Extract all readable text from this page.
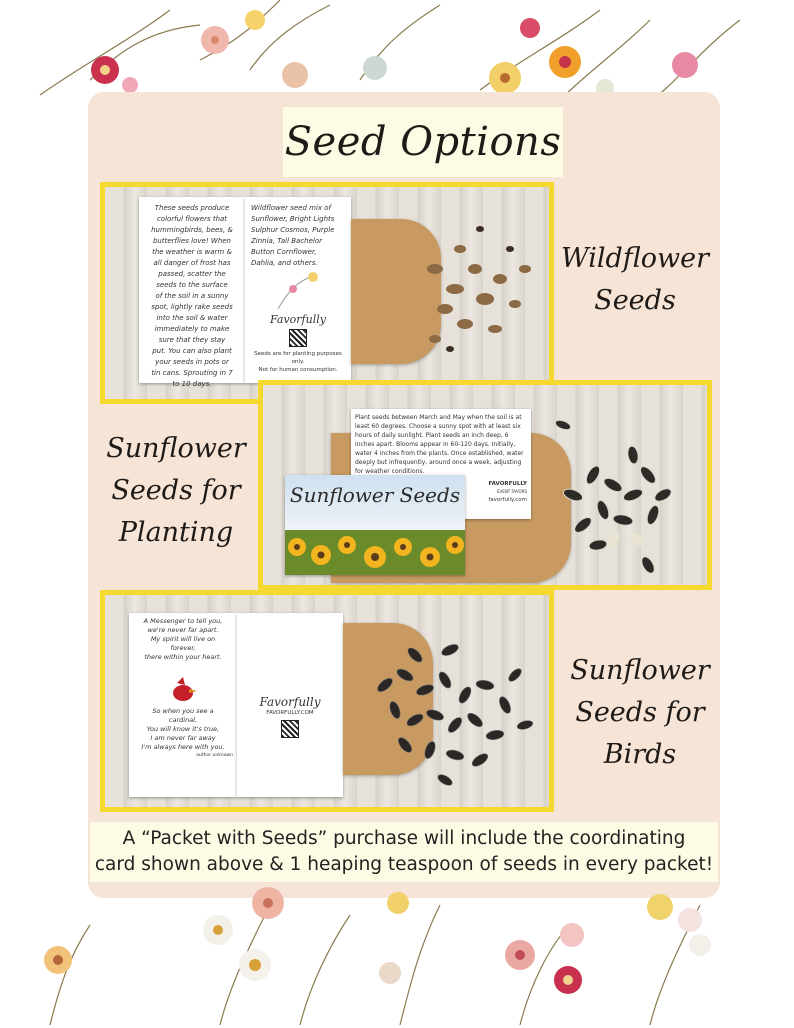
Seed Options
These seeds produce
colorful flowers that
hummingbirds, bees, &
butterflies love! When
the weather is warm &
all danger of frost has
passed, scatter the
seeds to the surface
of the soil in a sunny
spot, lightly rake seeds
into the soil & water
immediately to make
sure that they stay
put. You can also plant
your seeds in pots or
tin cans. Sprouting in 7
to 10 days.
Wildflower seed mix of
Sunflower, Bright Lights
Sulphur Cosmos, Purple
Zinnia, Tall Bachelor
Button Cornflower,
Dahlia, and others.
Favorfully
Seeds are for planting purposes only.
Not for human consumption.
Wildflower
Seeds
Plant seeds between March and May when the soil is at least 60 degrees. Choose a sunny spot with at least six hours of daily sunlight. Plant seeds an inch deep, 6 inches apart. Blooms appear in 60-120 days. Initially, water 4 inches from the plants. Once established, water deeply but infrequently, around once a week, adjusting for weather conditions.
FAVORFULLY
EVENT FAVORS
favorfully.com
Sunflower Seeds
Sunflower
Seeds for
Planting
A Messenger to tell you,
we're never far apart.
My spirit will live on
forever,
there within your heart.

So when you see a
cardinal,
You will know it's true,
I am never far away
I'm always here with you.
author unknown
Favorfully
FAVORFULLY.COM
Sunflower
Seeds for
Birds
A “Packet with Seeds” purchase will include the coordinating
card shown above & 1 heaping teaspoon of seeds in every packet!
